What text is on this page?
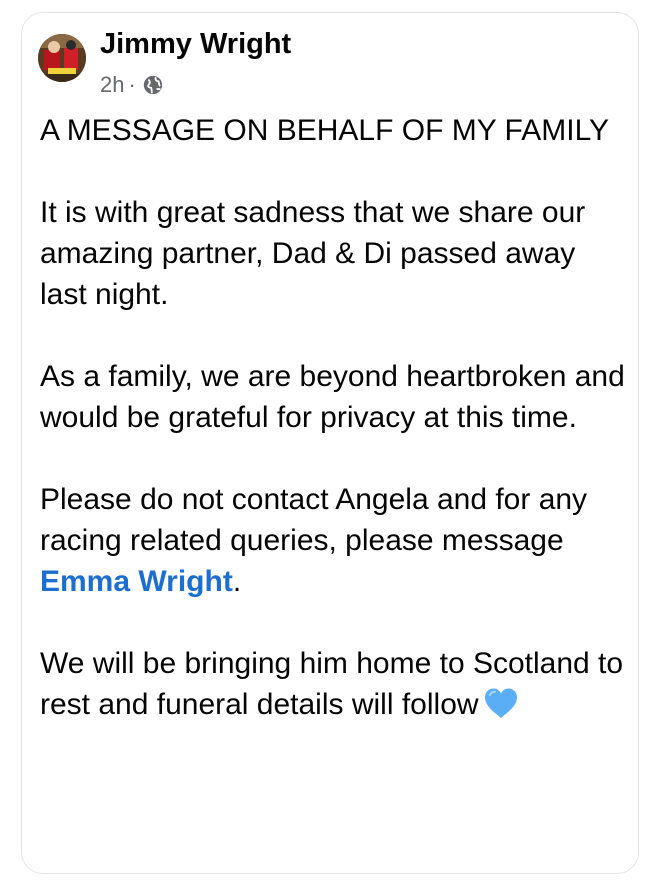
Jimmy Wright
2h ·

A MESSAGE ON BEHALF OF MY FAMILY

It is with great sadness that we share our amazing partner, Dad & Di passed away last night.

As a family, we are beyond heartbroken and would be grateful for privacy at this time.

Please do not contact Angela and for any racing related queries, please message Emma Wright.

We will be bringing him home to Scotland to rest and funeral details will follow
